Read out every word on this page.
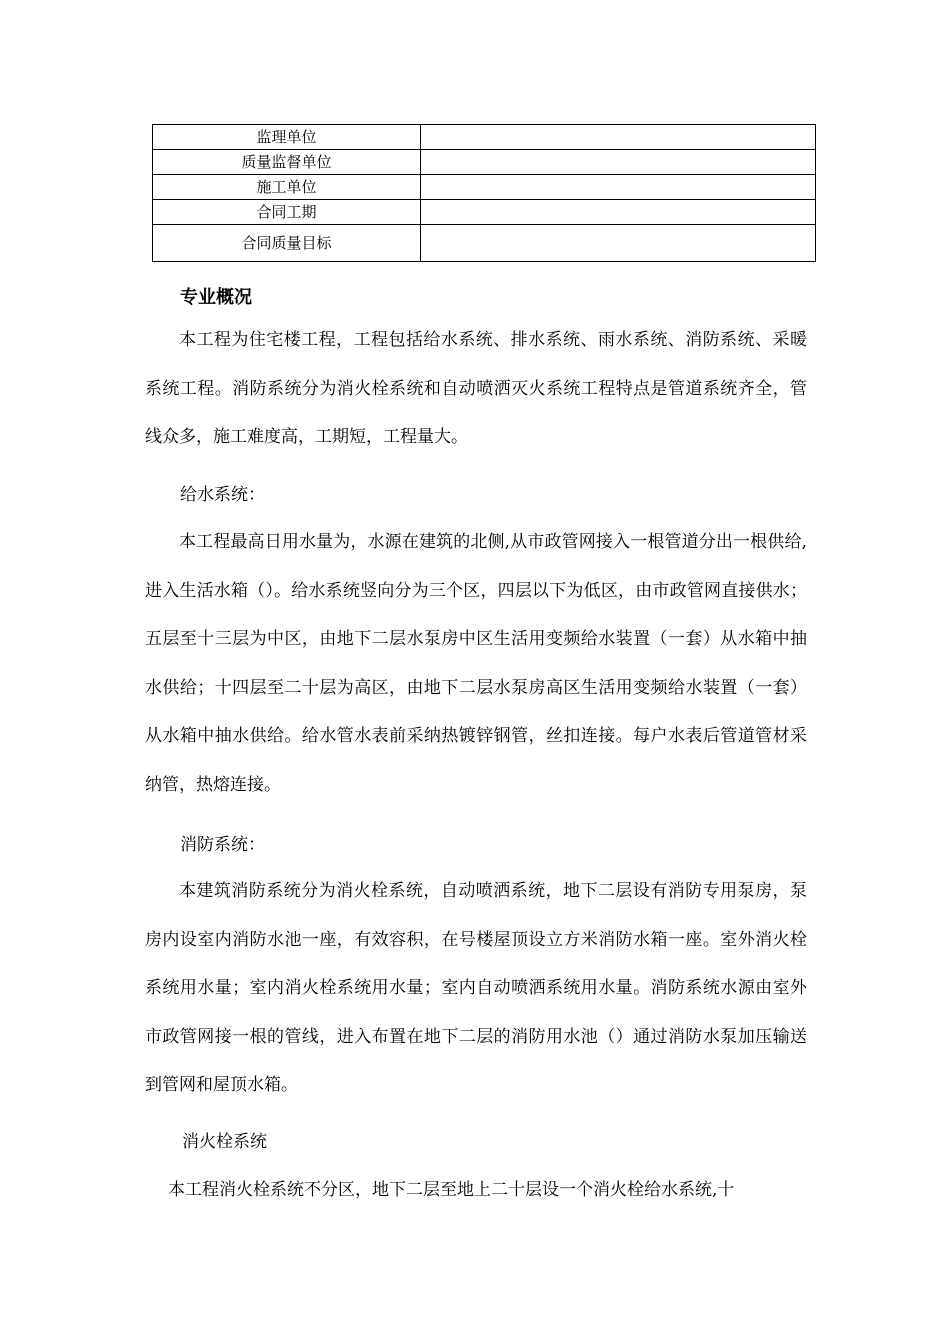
监理单位	
质量监督单位	
施工单位	
合同工期	
合同质量目标	
专业概况

本工程为住宅楼工程，工程包括给水系统、排水系统、雨水系统、消防系统、采暖系统工程。消防系统分为消火栓系统和自动喷洒灭火系统工程特点是管道系统齐全，管线众多，施工难度高，工期短，工程量大。

给水系统：

本工程最高日用水量为，水源在建筑的北侧,从市政管网接入一根管道分出一根供给,进入生活水箱（）。给水系统竖向分为三个区，四层以下为低区，由市政管网直接供水；五层至十三层为中区，由地下二层水泵房中区生活用变频给水装置（一套）从水箱中抽水供给；十四层至二十层为高区，由地下二层水泵房高区生活用变频给水装置（一套）从水箱中抽水供给。给水管水表前采纳热镀锌钢管，丝扣连接。每户水表后管道管材采纳管，热熔连接。

消防系统：

本建筑消防系统分为消火栓系统，自动喷洒系统，地下二层设有消防专用泵房，泵房内设室内消防水池一座，有效容积，在号楼屋顶设立方米消防水箱一座。室外消火栓系统用水量；室内消火栓系统用水量；室内自动喷洒系统用水量。消防系统水源由室外市政管网接一根的管线，进入布置在地下二层的消防用水池（）通过消防水泵加压输送到管网和屋顶水箱。

消火栓系统

本工程消火栓系统不分区，地下二层至地上二十层设一个消火栓给水系统,十
